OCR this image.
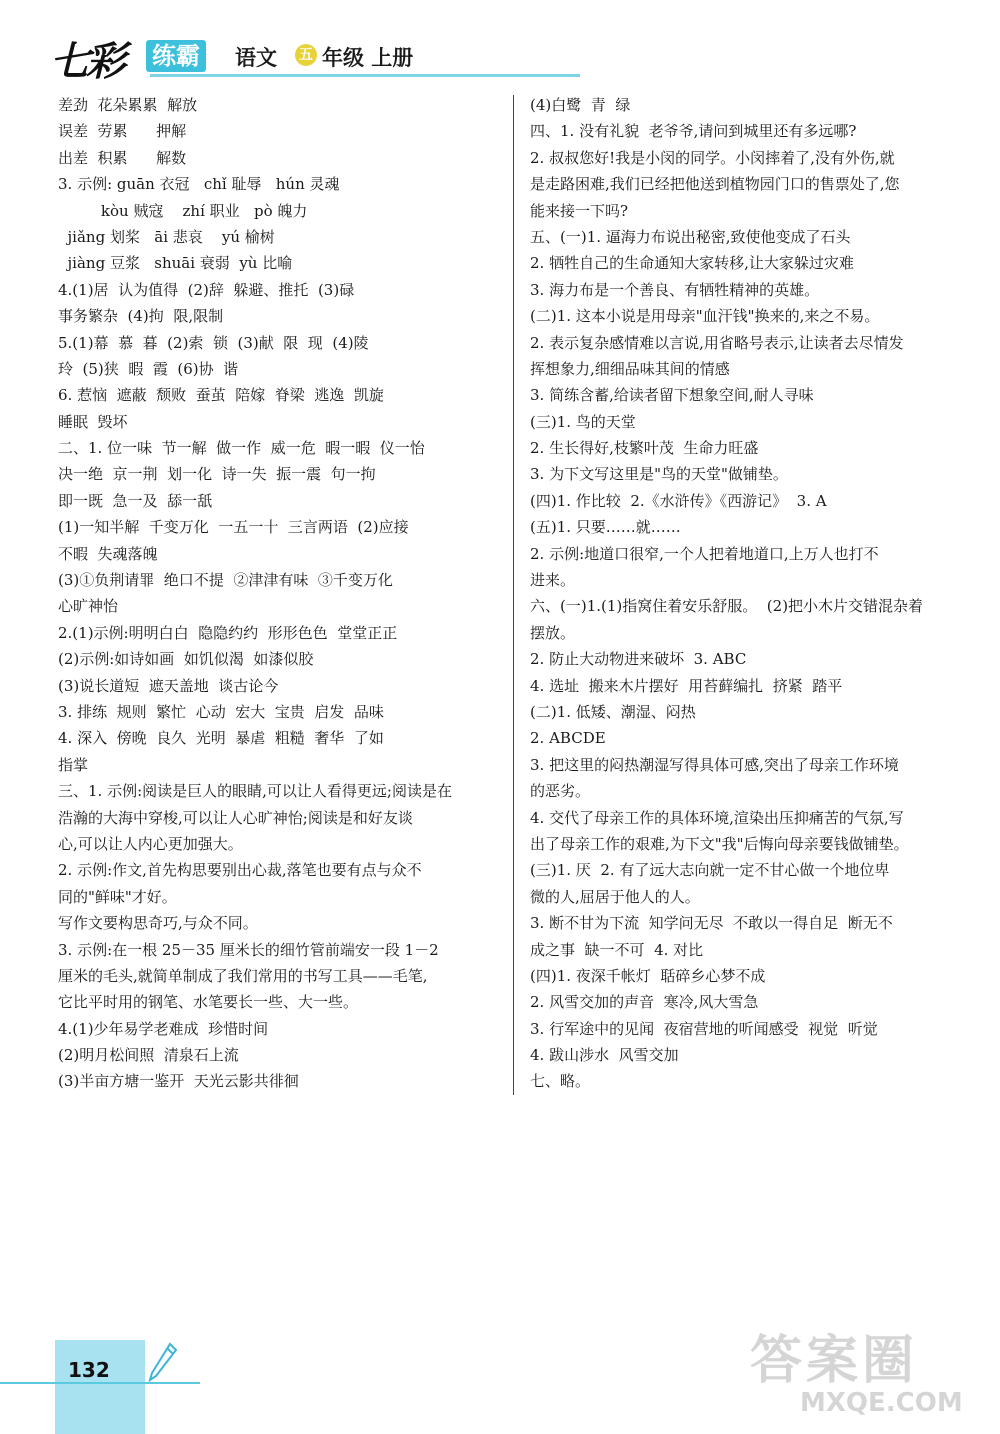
七彩 练霸 语文 五 年级 上册
差劲  花朵累累  解放
误差  劳累      押解
出差  积累      解数
3. 示例: guān 衣冠   chǐ 耻辱   hún 灵魂
kòu 贼寇    zhí 职业   pò 魄力
jiǎng 划桨   āi 悲哀    yú 榆树
jiàng 豆浆   shuāi 衰弱  yù 比喻
4.(1)居  认为值得  (2)辞  躲避、推托  (3)碌
事务繁杂  (4)拘  限,限制
5.(1)幕  慕  暮  (2)索  锁  (3)献  限  现  (4)陵
玲  (5)狭  暇  霞  (6)协  谐
6. 惹恼  遮蔽  颓败  蚕茧  陪嫁  脊梁  逃逸  凯旋
睡眠  毁坏
二、1. 位一味  节一解  做一作  威一危  暇一暇  仪一怡
决一绝  京一荆  划一化  诗一失  振一震  句一拘
即一既  急一及  舔一舐
(1)一知半解  千变万化  一五一十  三言两语  (2)应接
不暇  失魂落魄
(3)①负荆请罪  绝口不提  ②津津有味  ③千变万化
心旷神怡
2.(1)示例:明明白白  隐隐约约  形形色色  堂堂正正
(2)示例:如诗如画  如饥似渴  如漆似胶
(3)说长道短  遮天盖地  谈古论今
3. 排练  规则  繁忙  心动  宏大  宝贵  启发  品味
4. 深入  傍晚  良久  光明  暴虐  粗糙  奢华  了如
指掌
三、1. 示例:阅读是巨人的眼睛,可以让人看得更远;阅读是在
浩瀚的大海中穿梭,可以让人心旷神怡;阅读是和好友谈
心,可以让人内心更加强大。
2. 示例:作文,首先构思要别出心裁,落笔也要有点与众不
同的"鲜味"才好。
写作文要构思奇巧,与众不同。
3. 示例:在一根 25－35 厘米长的细竹管前端安一段 1－2
厘米的毛头,就简单制成了我们常用的书写工具——毛笔,
它比平时用的钢笔、水笔要长一些、大一些。
4.(1)少年易学老难成  珍惜时间
(2)明月松间照  清泉石上流
(3)半亩方塘一鉴开  天光云影共徘徊
(4)白鹭  青  绿
四、1. 没有礼貌  老爷爷,请问到城里还有多远哪?
2. 叔叔您好!我是小闵的同学。小闵摔着了,没有外伤,就
是走路困难,我们已经把他送到植物园门口的售票处了,您
能来接一下吗?
五、(一)1. 逼海力布说出秘密,致使他变成了石头
2. 牺牲自己的生命通知大家转移,让大家躲过灾难
3. 海力布是一个善良、有牺牲精神的英雄。
(二)1. 这本小说是用母亲"血汗钱"换来的,来之不易。
2. 表示复杂感情难以言说,用省略号表示,让读者去尽情发
挥想象力,细细品味其间的情感
3. 简练含蓄,给读者留下想象空间,耐人寻味
(三)1. 鸟的天堂
2. 生长得好,枝繁叶茂  生命力旺盛
3. 为下文写这里是"鸟的天堂"做铺垫。
(四)1. 作比较  2.《水浒传》《西游记》  3. A
(五)1. 只要……就……
2. 示例:地道口很窄,一个人把着地道口,上万人也打不
进来。
六、(一)1.(1)指窝住着安乐舒服。  (2)把小木片交错混杂着
摆放。
2. 防止大动物进来破坏  3. ABC
4. 选址  搬来木片摆好  用苔藓编扎  挤紧  踏平
(二)1. 低矮、潮湿、闷热
2. ABCDE
3. 把这里的闷热潮湿写得具体可感,突出了母亲工作环境
的恶劣。
4. 交代了母亲工作的具体环境,渲染出压抑痛苦的气氛,写
出了母亲工作的艰难,为下文"我"后悔向母亲要钱做铺垫。
(三)1. 厌  2. 有了远大志向就一定不甘心做一个地位卑
微的人,屈居于他人的人。
3. 断不甘为下流  知学问无尽  不敢以一得自足  断无不
成之事  缺一不可  4. 对比
(四)1. 夜深千帐灯  聒碎乡心梦不成
2. 风雪交加的声音  寒冷,风大雪急
3. 行军途中的见闻  夜宿营地的听闻感受  视觉  听觉
4. 跋山涉水  风雪交加
七、略。
132	答案圈
MXQE.COM
